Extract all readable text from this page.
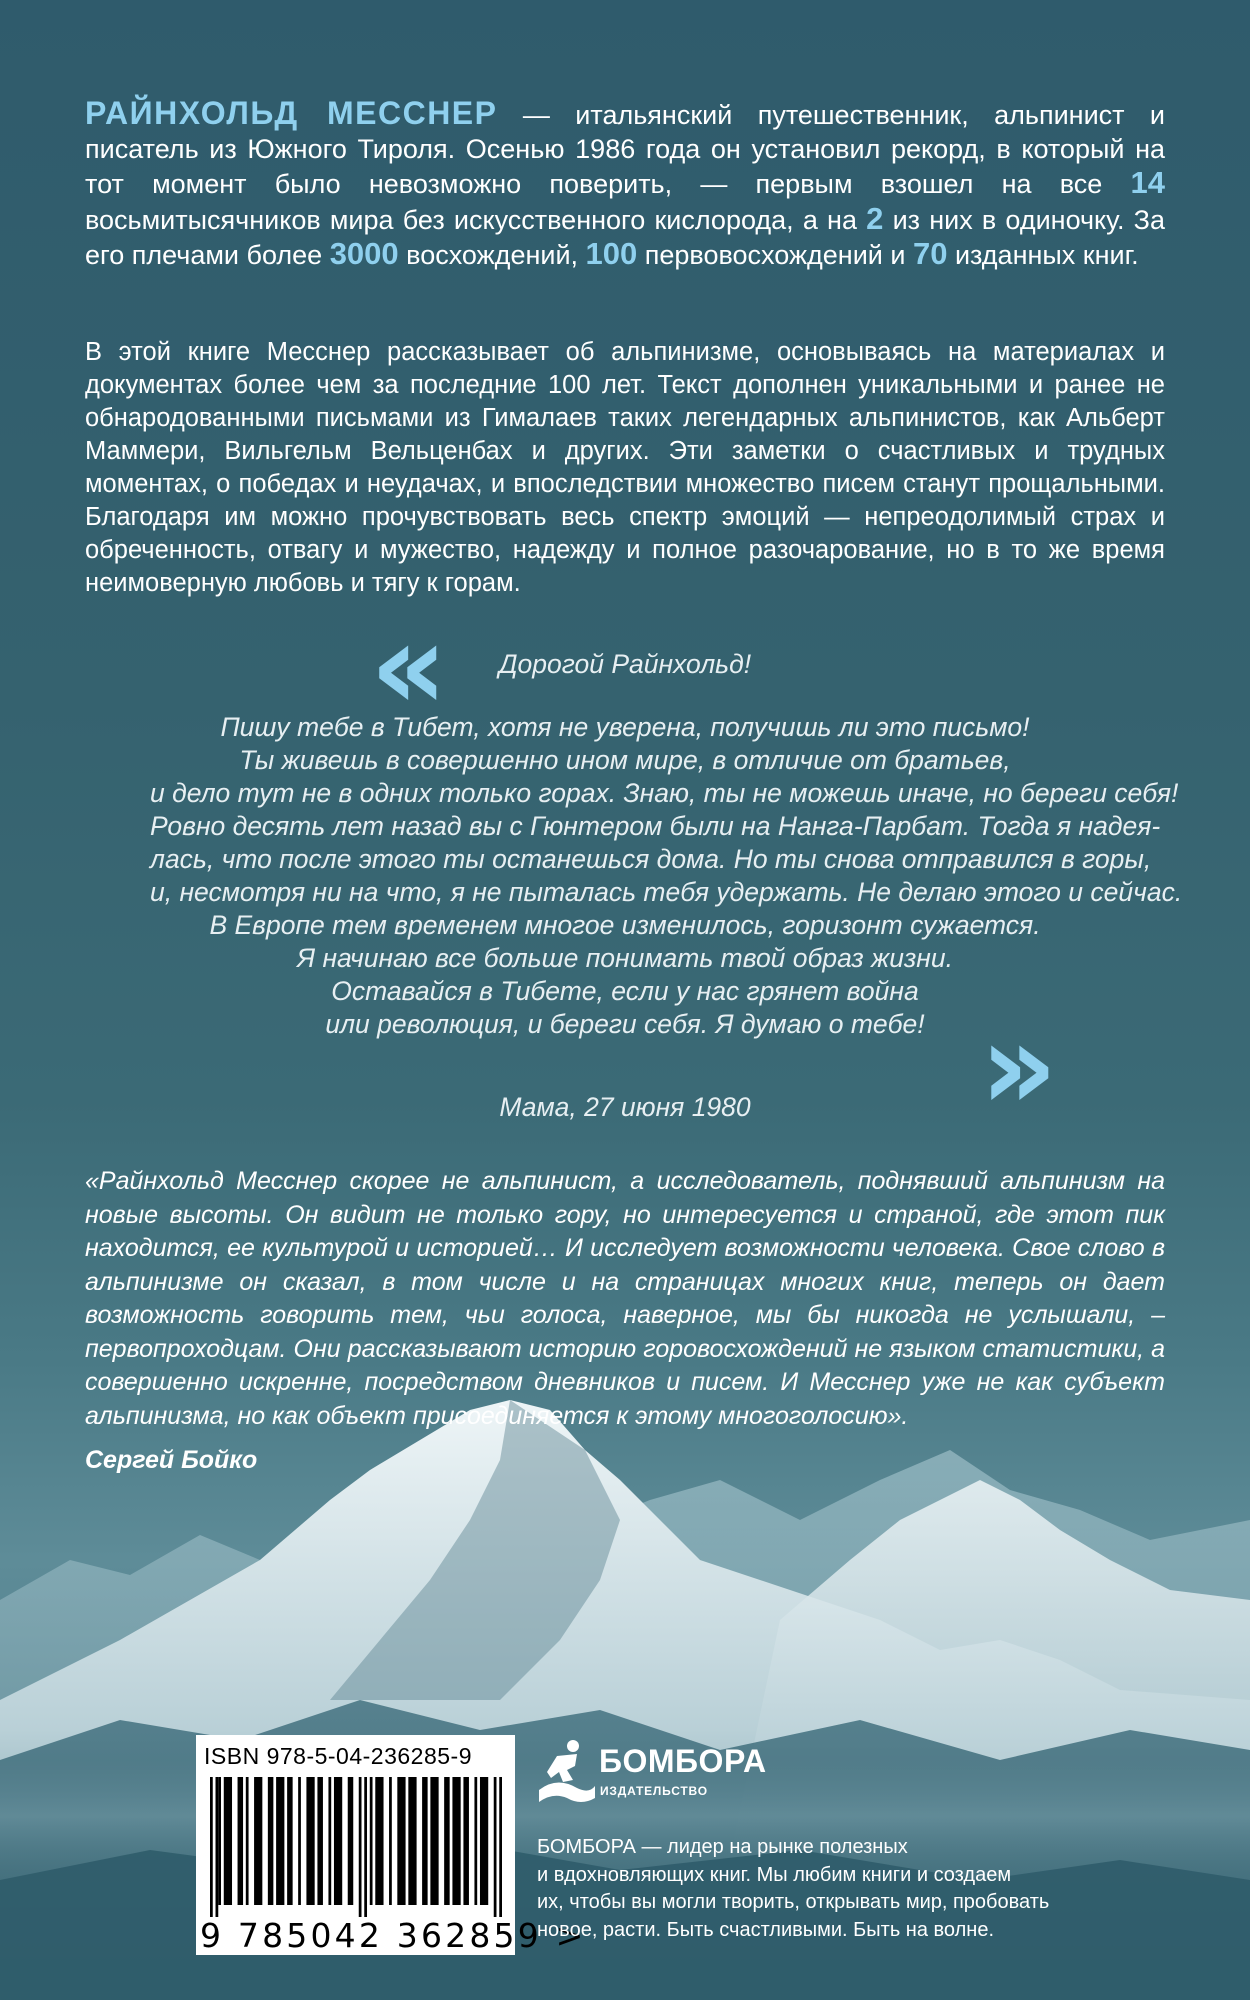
РАЙНХОЛЬД МЕССНЕР — итальянский путешественник, альпинист и писатель из Южного Тироля. Осенью 1986 года он установил рекорд, в который на тот момент было невозможно поверить, — первым взошел на все 14 восьмитысячников мира без искусственного кислорода, а на 2 из них в одиночку. За его плечами более 3000 восхождений, 100 первовосхождений и 70 изданных книг.
В этой книге Месснер рассказывает об альпинизме, основываясь на материалах и документах более чем за последние 100 лет. Текст дополнен уникальными и ранее не обнародованными письмами из Гималаев таких легендарных альпинистов, как Альберт Маммери, Вильгельм Вельценбах и других. Эти заметки о счастливых и трудных моментах, о победах и неудачах, и впоследствии множество писем станут прощальными. Благодаря им можно прочувствовать весь спектр эмоций — непреодолимый страх и обреченность, отвагу и мужество, надежду и полное разочарование, но в то же время неимоверную любовь и тягу к горам.
«
»
Дорогой Райнхольд!
Пишу тебе в Тибет, хотя не уверена, получишь ли это письмо!
Ты живешь в совершенно ином мире, в отличие от братьев,
и дело тут не в одних только горах. Знаю, ты не можешь иначе, но береги себя!
Ровно десять лет назад вы с Гюнтером были на Нанга-Парбат. Тогда я надея-
лась, что после этого ты останешься дома. Но ты снова отправился в горы,
и, несмотря ни на что, я не пыталась тебя удержать. Не делаю этого и сейчас.
В Европе тем временем многое изменилось, горизонт сужается.
Я начинаю все больше понимать твой образ жизни.
Оставайся в Тибете, если у нас грянет война
или революция, и береги себя. Я думаю о тебе!
Мама, 27 июня 1980
«Райнхольд Месснер скорее не альпинист, а исследователь, поднявший альпинизм на новые высоты. Он видит не только гору, но интересуется и страной, где этот пик находится, ее культурой и историей… И исследует возможности человека. Свое слово в альпинизме он сказал, в том числе и на страницах многих книг, теперь он дает возможность говорить тем, чьи голоса, наверное, мы бы никогда не услышали, – первопроходцам. Они рассказывают историю горовосхождений не языком статистики, а совершенно искренне, посредством дневников и писем. И Месснер уже не как субъект альпинизма, но как объект присоединяется к этому многоголосию».
Сергей Бойко
ISBN 978-5-04-236285-9
9 785042 362859 >
БОМБОРА
ИЗДАТЕЛЬСТВО
БОМБОРА — лидер на рынке полезных
и вдохновляющих книг. Мы любим книги и создаем
их, чтобы вы могли творить, открывать мир, пробовать
новое, расти. Быть счастливыми. Быть на волне.
